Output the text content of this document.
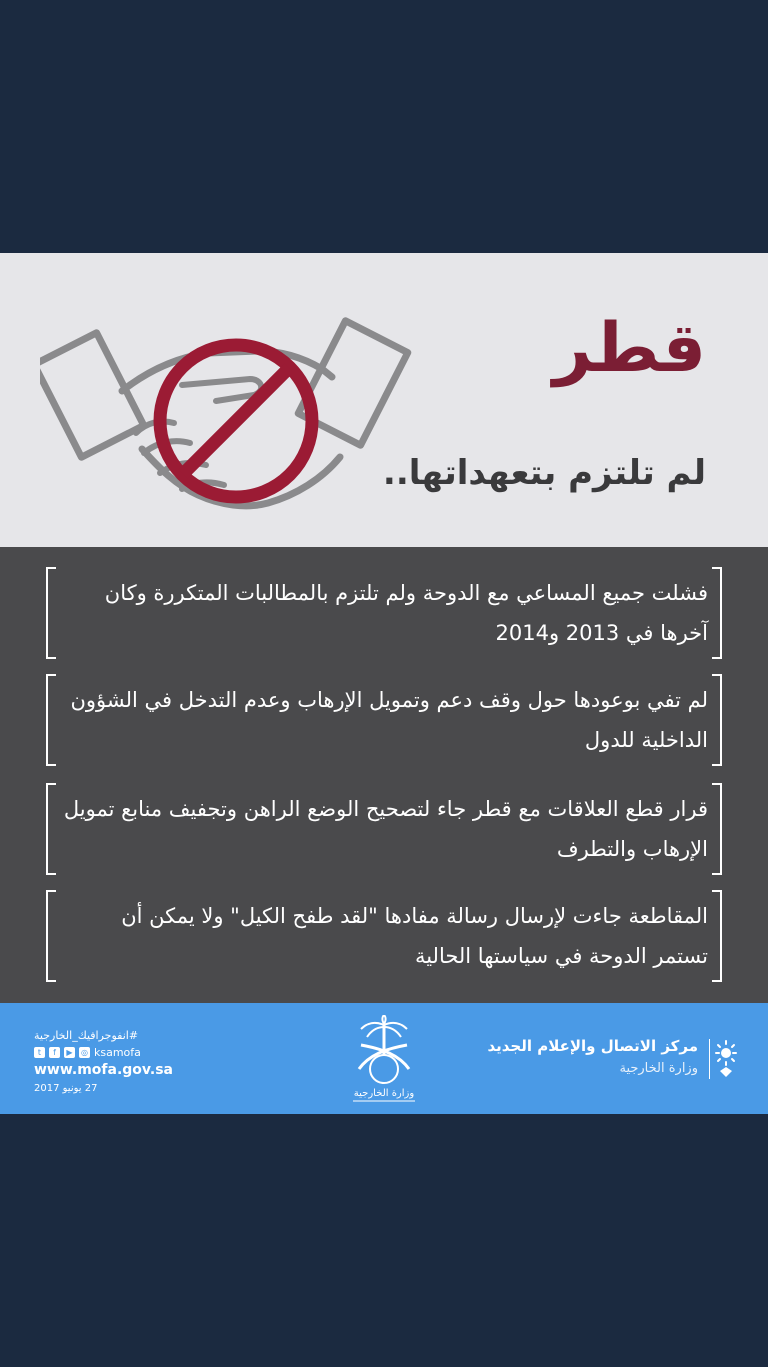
قطر
لم تلتزم بتعهداتها..
فشلت جميع المساعي مع الدوحة ولم تلتزم بالمطالبات المتكررة وكان آخرها في 2013 و2014
لم تفي بوعودها حول وقف دعم وتمويل الإرهاب وعدم التدخل في الشؤون الداخلية للدول
قرار قطع العلاقات مع قطر جاء لتصحيح الوضع الراهن وتجفيف منابع تمويل الإرهاب والتطرف
المقاطعة جاءت لإرسال رسالة مفادها "لقد طفح الكيل" ولا يمكن أن تستمر الدوحة في سياستها الحالية
#انفوجرافيك_الخارجية
t	f	▶	◎ ksamofa
www.mofa.gov.sa
27 يونيو 2017	وزارة الخارجية
مركز الاتصال والإعلام الجديد
وزارة الخارجية
